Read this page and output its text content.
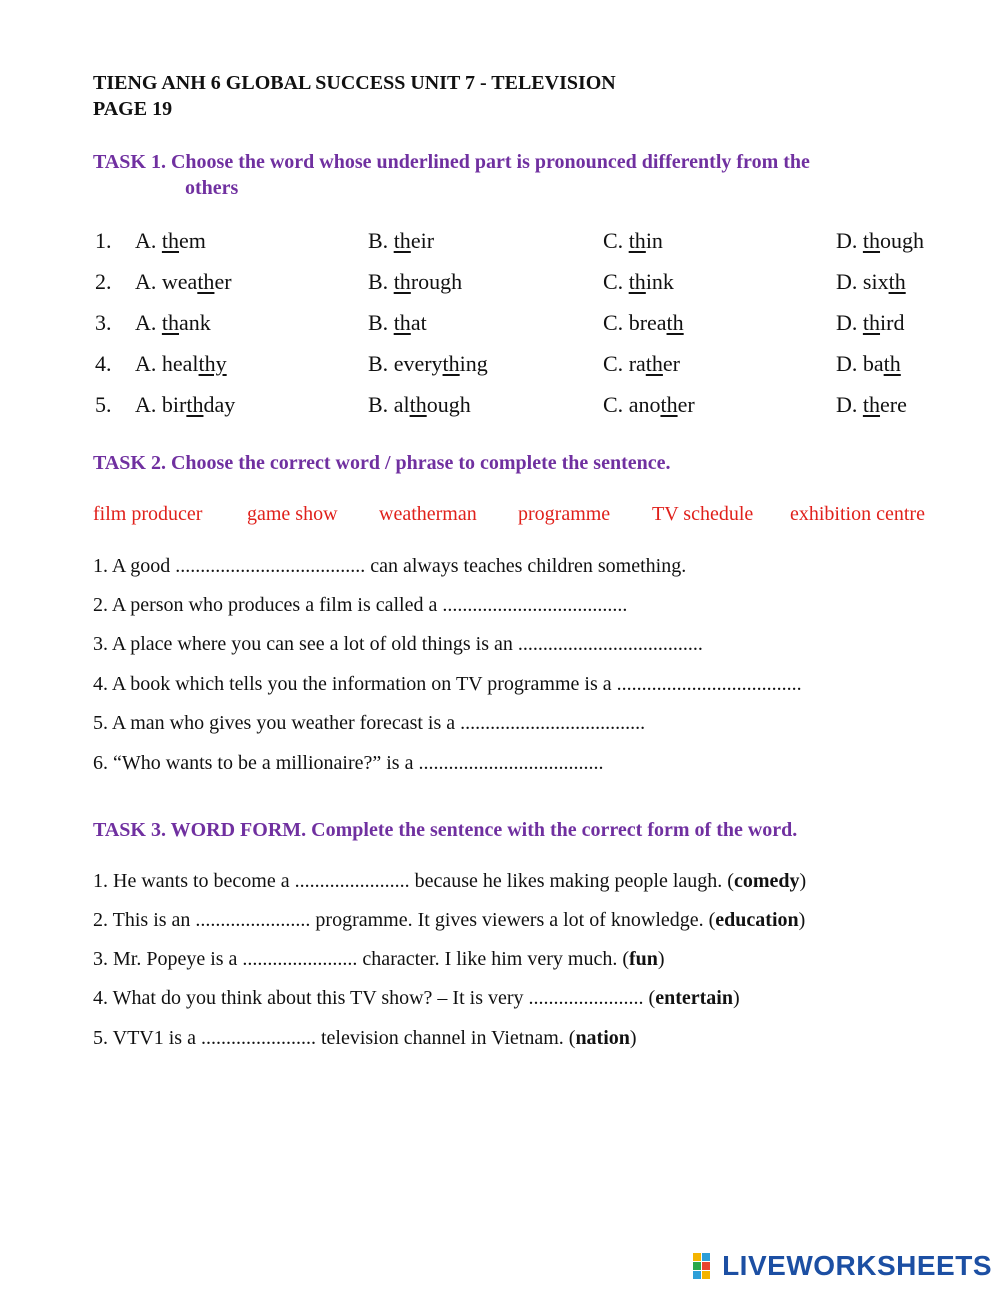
TIENG ANH 6 GLOBAL SUCCESS UNIT 7 - TELEVISION
PAGE 19
TASK 1. Choose the word whose underlined part is pronounced differently from the
others
1. A. them	B. their	C. thin	D. though
2. A. weather	B. through	C. think	D. sixth
3. A. thank	B. that	C. breath	D. third
4. A. healthy	B. everything	C. rather	D. bath
5. A. birthday	B. although	C. another	D. there
TASK 2. Choose the correct word / phrase to complete the sentence.
film producer game show weatherman programme TV schedule exhibition centre
1. A good ...................................... can always teaches children something.
2. A person who produces a film is called a .....................................
3. A place where you can see a lot of old things is an .....................................
4. A book which tells you the information on TV programme is a .....................................
5. A man who gives you weather forecast is a .....................................
6. “Who wants to be a millionaire?” is a .....................................
TASK 3. WORD FORM. Complete the sentence with the correct form of the word.
1. He wants to become a ....................... because he likes making people laugh. (comedy)
2. This is an ....................... programme. It gives viewers a lot of knowledge. (education)
3. Mr. Popeye is a ....................... character. I like him very much. (fun)
4. What do you think about this TV show? – It is very ....................... (entertain)
5. VTV1 is a ....................... television channel in Vietnam. (nation)
LIVEWORKSHEETS
